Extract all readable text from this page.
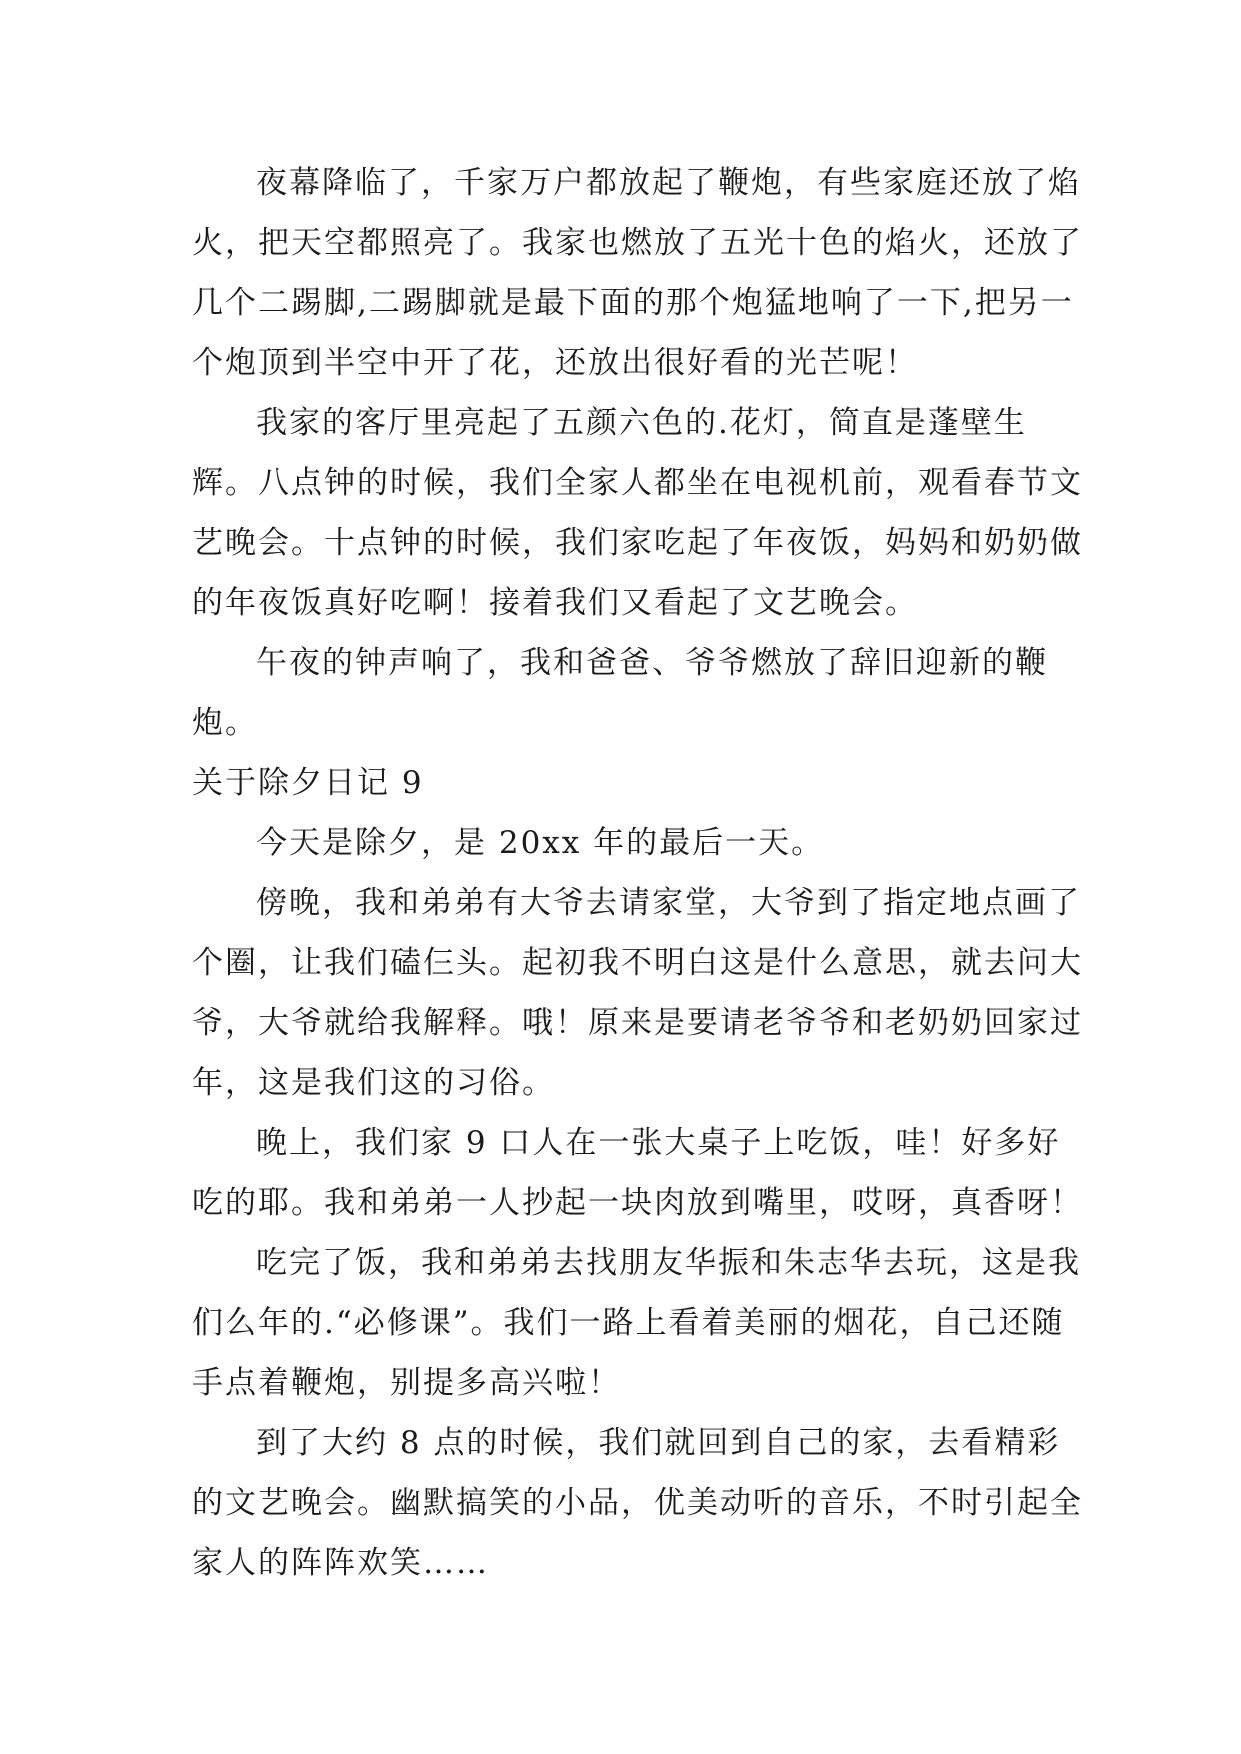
夜幕降临了，千家万户都放起了鞭炮，有些家庭还放了焰火，把天空都照亮了。我家也燃放了五光十色的焰火，还放了几个二踢脚,二踢脚就是最下面的那个炮猛地响了一下,把另一个炮顶到半空中开了花，还放出很好看的光芒呢！

我家的客厅里亮起了五颜六色的.花灯，简直是蓬壁生辉。八点钟的时候，我们全家人都坐在电视机前，观看春节文艺晚会。十点钟的时候，我们家吃起了年夜饭，妈妈和奶奶做的年夜饭真好吃啊！接着我们又看起了文艺晚会。

午夜的钟声响了，我和爸爸、爷爷燃放了辞旧迎新的鞭炮。

关于除夕日记 9

今天是除夕，是 20xx 年的最后一天。

傍晚，我和弟弟有大爷去请家堂，大爷到了指定地点画了个圈，让我们磕仨头。起初我不明白这是什么意思，就去问大爷，大爷就给我解释。哦！原来是要请老爷爷和老奶奶回家过年，这是我们这的习俗。

晚上，我们家 9 口人在一张大桌子上吃饭，哇！好多好吃的耶。我和弟弟一人抄起一块肉放到嘴里，哎呀，真香呀！

吃完了饭，我和弟弟去找朋友华振和朱志华去玩，这是我们么年的.“必修课”。我们一路上看着美丽的烟花，自己还随手点着鞭炮，别提多高兴啦！

到了大约 8 点的时候，我们就回到自己的家，去看精彩的文艺晚会。幽默搞笑的小品，优美动听的音乐，不时引起全家人的阵阵欢笑……
